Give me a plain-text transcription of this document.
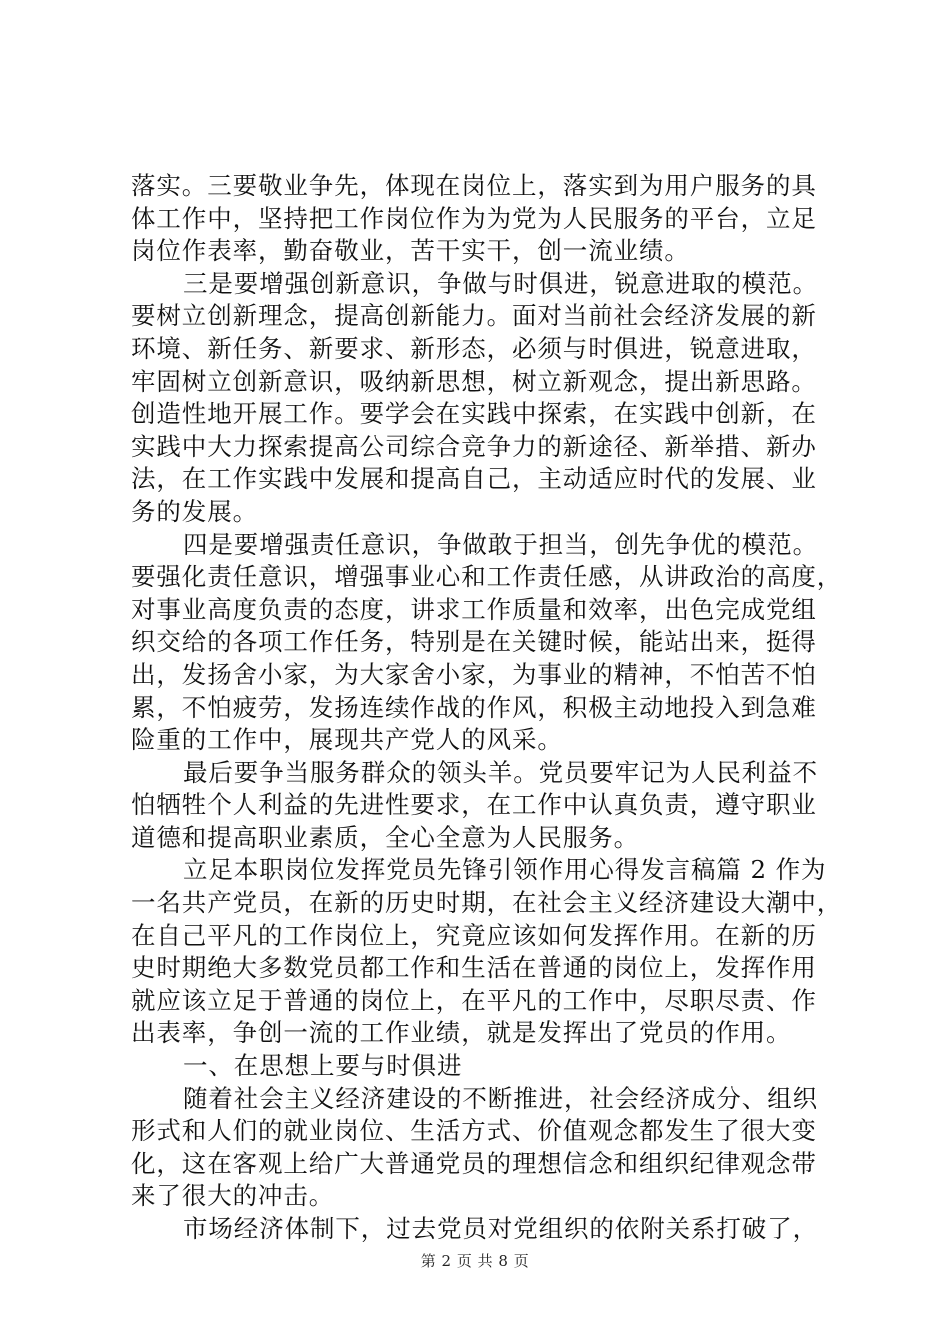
落实。三要敬业争先，体现在岗位上，落实到为用户服务的具
体工作中，坚持把工作岗位作为为党为人民服务的平台，立足
岗位作表率，勤奋敬业，苦干实干，创一流业绩。
三是要增强创新意识，争做与时俱进，锐意进取的模范。
要树立创新理念，提高创新能力。面对当前社会经济发展的新
环境、新任务、新要求、新形态，必须与时俱进，锐意进取，
牢固树立创新意识，吸纳新思想，树立新观念，提出新思路。
创造性地开展工作。要学会在实践中探索，在实践中创新，在
实践中大力探索提高公司综合竞争力的新途径、新举措、新办
法，在工作实践中发展和提高自己，主动适应时代的发展、业
务的发展。
四是要增强责任意识，争做敢于担当，创先争优的模范。
要强化责任意识，增强事业心和工作责任感，从讲政治的高度，
对事业高度负责的态度，讲求工作质量和效率，出色完成党组
织交给的各项工作任务，特别是在关键时候，能站出来，挺得
出，发扬舍小家，为大家舍小家，为事业的精神，不怕苦不怕
累，不怕疲劳，发扬连续作战的作风，积极主动地投入到急难
险重的工作中，展现共产党人的风采。
最后要争当服务群众的领头羊。党员要牢记为人民利益不
怕牺牲个人利益的先进性要求，在工作中认真负责，遵守职业
道德和提高职业素质，全心全意为人民服务。
立足本职岗位发挥党员先锋引领作用心得发言稿篇 2 作为
一名共产党员，在新的历史时期，在社会主义经济建设大潮中，
在自己平凡的工作岗位上，究竟应该如何发挥作用。在新的历
史时期绝大多数党员都工作和生活在普通的岗位上，发挥作用
就应该立足于普通的岗位上，在平凡的工作中，尽职尽责、作
出表率，争创一流的工作业绩，就是发挥出了党员的作用。
一、在思想上要与时俱进
随着社会主义经济建设的不断推进，社会经济成分、组织
形式和人们的就业岗位、生活方式、价值观念都发生了很大变
化，这在客观上给广大普通党员的理想信念和组织纪律观念带
来了很大的冲击。
市场经济体制下，过去党员对党组织的依附关系打破了，
第 2 页 共 8 页
